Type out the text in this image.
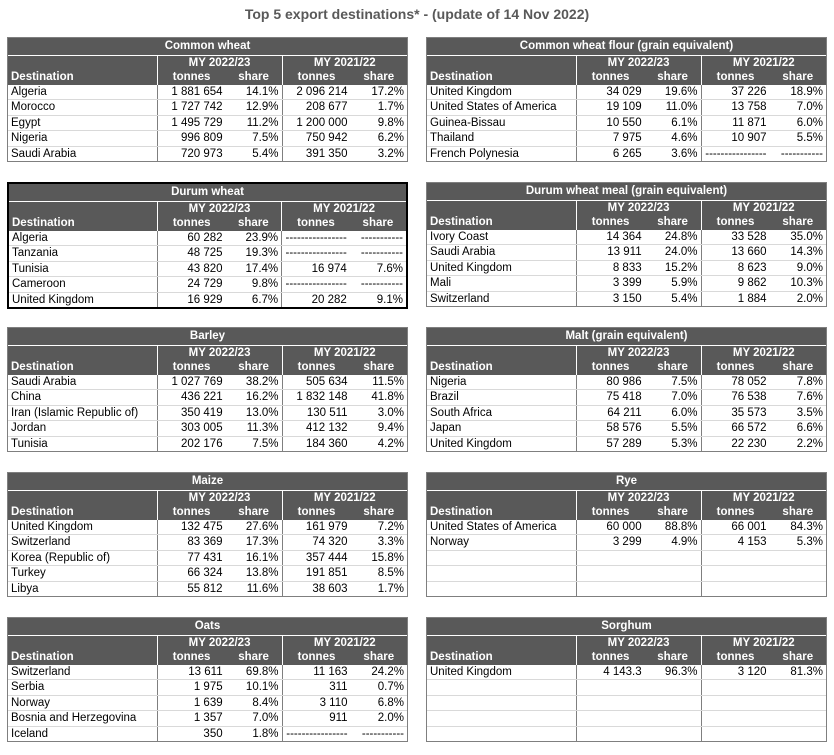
Top 5 export destinations* - (update of 14 Nov 2022)
Common wheat				
	MY 2022/23		MY 2021/22	
Destination	tonnes	share	tonnes	share
Algeria	1 881 654	14.1%	2 096 214	17.2%
Morocco	1 727 742	12.9%	208 677	1.7%
Egypt	1 495 729	11.2%	1 200 000	9.8%
Nigeria	996 809	7.5%	750 942	6.2%
Saudi Arabia	720 973	5.4%	391 350	3.2%
Common wheat flour (grain equivalent)				
	MY 2022/23		MY 2021/22	
Destination	tonnes	share	tonnes	share
United Kingdom	34 029	19.6%	37 226	18.9%
United States of America	19 109	11.0%	13 758	7.0%
Guinea-Bissau	10 550	6.1%	11 871	6.0%
Thailand	7 975	4.6%	10 907	5.5%
French Polynesia	6 265	3.6%	----------------	-----------
Durum wheat				
	MY 2022/23		MY 2021/22	
Destination	tonnes	share	tonnes	share
Algeria	60 282	23.9%	----------------	-----------
Tanzania	48 725	19.3%	----------------	-----------
Tunisia	43 820	17.4%	16 974	7.6%
Cameroon	24 729	9.8%	----------------	-----------
United Kingdom	16 929	6.7%	20 282	9.1%
Durum wheat meal (grain equivalent)				
	MY 2022/23		MY 2021/22	
Destination	tonnes	share	tonnes	share
Ivory Coast	14 364	24.8%	33 528	35.0%
Saudi Arabia	13 911	24.0%	13 660	14.3%
United Kingdom	8 833	15.2%	8 623	9.0%
Mali	3 399	5.9%	9 862	10.3%
Switzerland	3 150	5.4%	1 884	2.0%
Barley				
	MY 2022/23		MY 2021/22	
Destination	tonnes	share	tonnes	share
Saudi Arabia	1 027 769	38.2%	505 634	11.5%
China	436 221	16.2%	1 832 148	41.8%
Iran (Islamic Republic of)	350 419	13.0%	130 511	3.0%
Jordan	303 005	11.3%	412 132	9.4%
Tunisia	202 176	7.5%	184 360	4.2%
Malt (grain equivalent)				
	MY 2022/23		MY 2021/22	
Destination	tonnes	share	tonnes	share
Nigeria	80 986	7.5%	78 052	7.8%
Brazil	75 418	7.0%	76 538	7.6%
South Africa	64 211	6.0%	35 573	3.5%
Japan	58 576	5.5%	66 572	6.6%
United Kingdom	57 289	5.3%	22 230	2.2%
Maize				
	MY 2022/23		MY 2021/22	
Destination	tonnes	share	tonnes	share
United Kingdom	132 475	27.6%	161 979	7.2%
Switzerland	83 369	17.3%	74 320	3.3%
Korea (Republic of)	77 431	16.1%	357 444	15.8%
Turkey	66 324	13.8%	191 851	8.5%
Libya	55 812	11.6%	38 603	1.7%
Rye				
	MY 2022/23		MY 2021/22	
Destination	tonnes	share	tonnes	share
United States of America	60 000	88.8%	66 001	84.3%
Norway	3 299	4.9%	4 153	5.3%

Oats				
	MY 2022/23		MY 2021/22	
Destination	tonnes	share	tonnes	share
Switzerland	13 611	69.8%	11 163	24.2%
Serbia	1 975	10.1%	311	0.7%
Norway	1 639	8.4%	3 110	6.8%
Bosnia and Herzegovina	1 357	7.0%	911	2.0%
Iceland	350	1.8%	----------------	-----------
Sorghum				
	MY 2022/23		MY 2021/22	
Destination	tonnes	share	tonnes	share
United Kingdom	4 143.3	96.3%	3 120	81.3%
